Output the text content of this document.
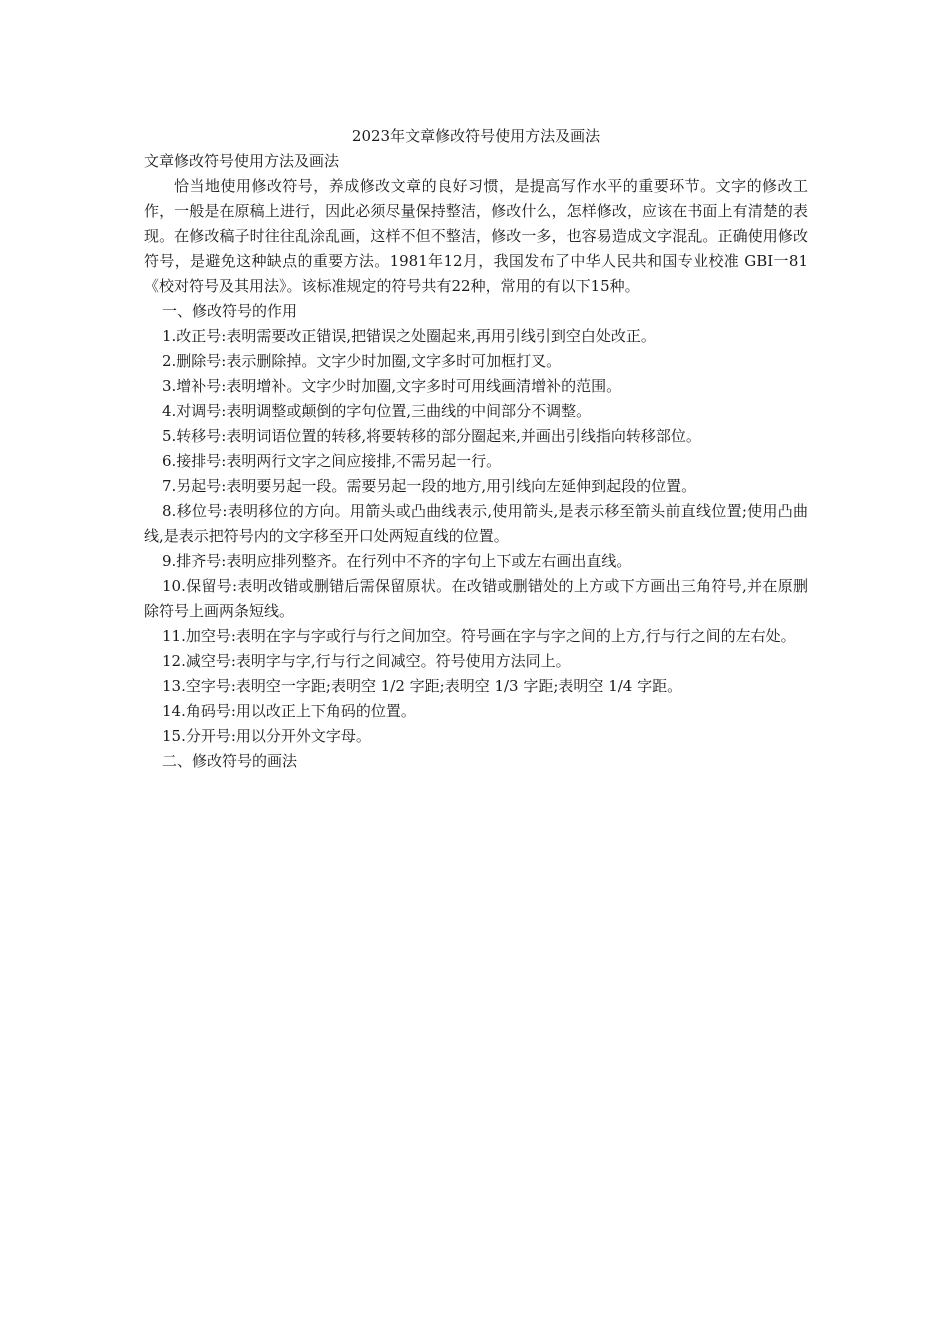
2023年文章修改符号使用方法及画法

文章修改符号使用方法及画法

恰当地使用修改符号，养成修改文章的良好习惯，是提高写作水平的重要环节。文字的修改工作，一般是在原稿上进行，因此必须尽量保持整洁，修改什么，怎样修改，应该在书面上有清楚的表现。在修改稿子时往往乱涂乱画，这样不但不整洁，修改一多，也容易造成文字混乱。正确使用修改符号，是避免这种缺点的重要方法。1981年12月，我国发布了中华人民共和国专业校准 GBI一81《校对符号及其用法》。该标准规定的符号共有22种，常用的有以下15种。

一、修改符号的作用

1.改正号:表明需要改正错误,把错误之处圈起来,再用引线引到空白处改正。

2.删除号:表示删除掉。文字少时加圈,文字多时可加框打叉。

3.增补号:表明增补。文字少时加圈,文字多时可用线画清增补的范围。

4.对调号:表明调整或颠倒的字句位置,三曲线的中间部分不调整。

5.转移号:表明词语位置的转移,将要转移的部分圈起来,并画出引线指向转移部位。

6.接排号:表明两行文字之间应接排,不需另起一行。

7.另起号:表明要另起一段。需要另起一段的地方,用引线向左延伸到起段的位置。

8.移位号:表明移位的方向。用箭头或凸曲线表示,使用箭头,是表示移至箭头前直线位置;使用凸曲线,是表示把符号内的文字移至开口处两短直线的位置。

9.排齐号:表明应排列整齐。在行列中不齐的字句上下或左右画出直线。

10.保留号:表明改错或删错后需保留原状。在改错或删错处的上方或下方画出三角符号,并在原删除符号上画两条短线。

11.加空号:表明在字与字或行与行之间加空。符号画在字与字之间的上方,行与行之间的左右处。

12.减空号:表明字与字,行与行之间减空。符号使用方法同上。

13.空字号:表明空一字距;表明空 1/2 字距;表明空 1/3 字距;表明空 1/4 字距。

14.角码号:用以改正上下角码的位置。

15.分开号:用以分开外文字母。

二、修改符号的画法
